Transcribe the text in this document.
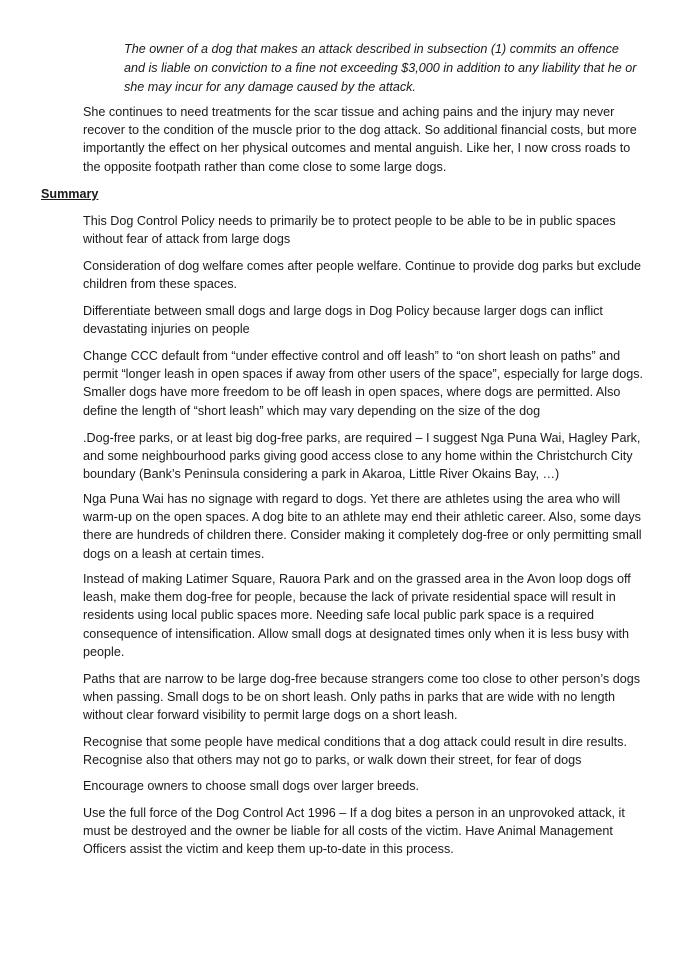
The owner of a dog that makes an attack described in subsection (1) commits an offence and is liable on conviction to a fine not exceeding $3,000 in addition to any liability that he or she may incur for any damage caused by the attack.
She continues to need treatments for the scar tissue and aching pains and the injury may never recover to the condition of the muscle prior to the dog attack. So additional financial costs, but more importantly the effect on her physical outcomes and mental anguish. Like her, I now cross roads to the opposite footpath rather than come close to some large dogs.
Summary
This Dog Control Policy needs to primarily be to protect people to be able to be in public spaces without fear of attack from large dogs
Consideration of dog welfare comes after people welfare. Continue to provide dog parks but exclude children from these spaces.
Differentiate between small dogs and large dogs in Dog Policy because larger dogs can inflict devastating injuries on people
Change CCC default from “under effective control and off leash” to “on short leash on paths” and permit “longer leash in open spaces if away from other users of the space”, especially for large dogs. Smaller dogs have more freedom to be off leash in open spaces, where dogs are permitted. Also define the length of “short leash” which may vary depending on the size of the dog
.Dog-free parks, or at least big dog-free parks, are required – I suggest Nga Puna Wai, Hagley Park, and some neighbourhood parks giving good access close to any home within the Christchurch City boundary (Bank’s Peninsula considering a park in Akaroa, Little River Okains Bay, …)
Nga Puna Wai has no signage with regard to dogs. Yet there are athletes using the area who will warm-up on the open spaces. A dog bite to an athlete may end their athletic career. Also, some days there are hundreds of children there. Consider making it completely dog-free or only permitting small dogs on a leash at certain times.
Instead of making Latimer Square, Rauora Park and on the grassed area in the Avon loop dogs off leash, make them dog-free for people, because the lack of private residential space will result in residents using local public spaces more. Needing safe local public park space is a required consequence of intensification. Allow small dogs at designated times only when it is less busy with people.
Paths that are narrow to be large dog-free because strangers come too close to other person’s dogs when passing. Small dogs to be on short leash. Only paths in parks that are wide with no length without clear forward visibility to permit large dogs on a short leash.
Recognise that some people have medical conditions that a dog attack could result in dire results. Recognise also that others may not go to parks, or walk down their street, for fear of dogs
Encourage owners to choose small dogs over larger breeds.
Use the full force of the Dog Control Act 1996 – If a dog bites a person in an unprovoked attack, it must be destroyed and the owner be liable for all costs of the victim. Have Animal Management Officers assist the victim and keep them up-to-date in this process.
